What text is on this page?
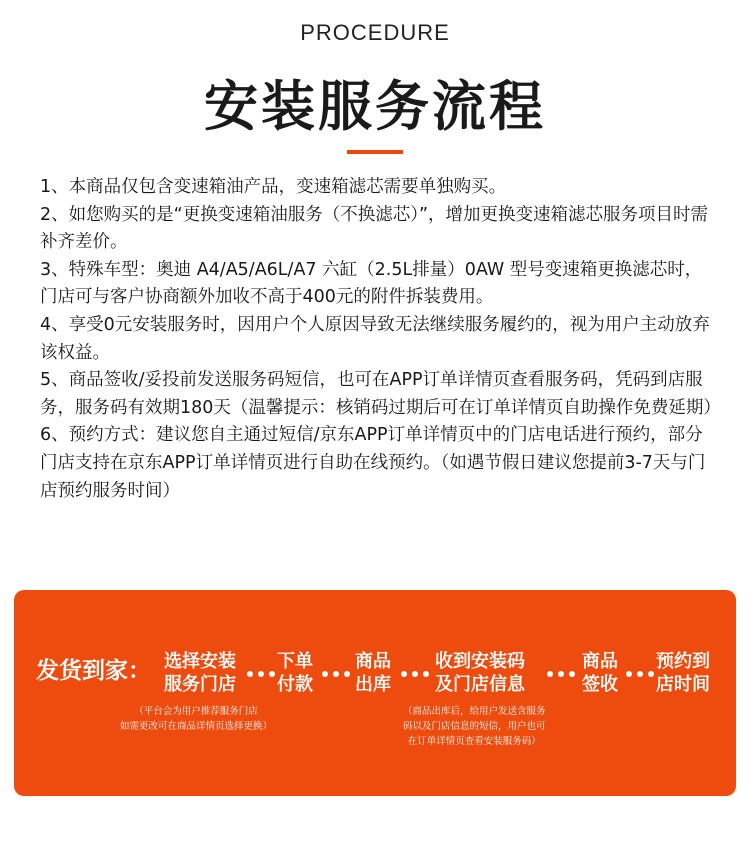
PROCEDURE
安装服务流程

1、本商品仅包含变速箱油产品，变速箱滤芯需要单独购买。

2、如您购买的是“更换变速箱油服务（不换滤芯）”，增加更换变速箱滤芯服务项目时需补齐差价。

3、特殊车型：奥迪 A4/A5/A6L/A7 六缸（2.5L排量）0AW 型号变速箱更换滤芯时，门店可与客户协商额外加收不高于400元的附件拆装费用。

4、享受0元安装服务时，因用户个人原因导致无法继续服务履约的，视为用户主动放弃该权益。

5、商品签收/妥投前发送服务码短信，也可在APP订单详情页查看服务码，凭码到店服务，服务码有效期180天（温馨提示：核销码过期后可在订单详情页自助操作免费延期）

6、预约方式：建议您自主通过短信/京东APP订单详情页中的门店电话进行预约，部分门店支持在京东APP订单详情页进行自助在线预约。（如遇节假日建议您提前3-7天与门店预约服务时间）

发货到家： 选择安装
服务门店
下单
付款
商品
出库
收到安装码
及门店信息
商品
签收
预约到
店时间
（平台会为用户推荐服务门店
如需更改可在商品详情页选择更换）
（商品出库后，给用户发送含服务
码以及门店信息的短信，用户也可
在订单详情页查看安装服务码）
